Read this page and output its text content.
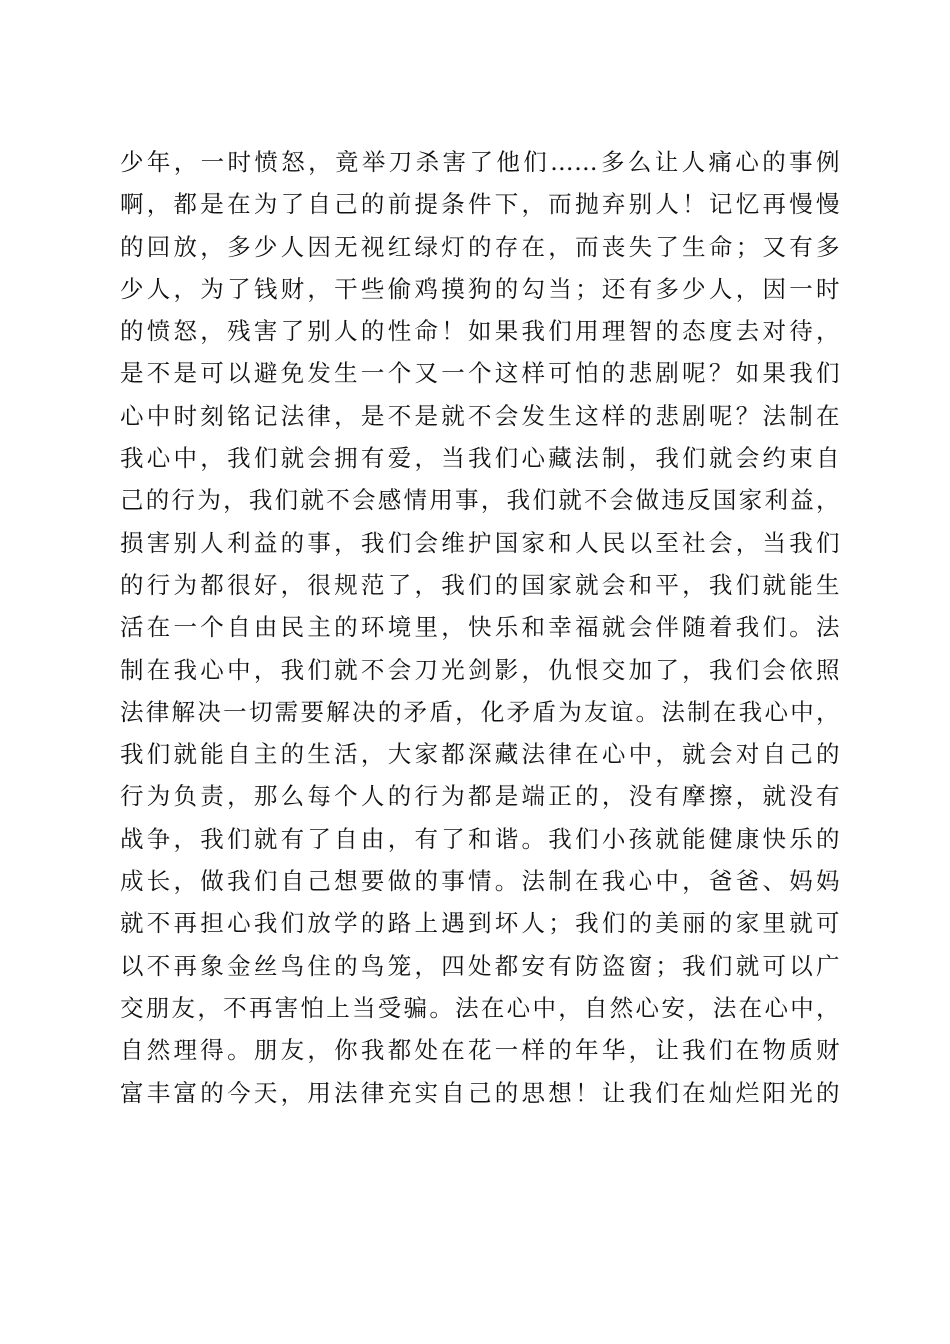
少年，一时愤怒，竟举刀杀害了他们……多么让人痛心的事例
啊，都是在为了自己的前提条件下，而抛弃别人！记忆再慢慢
的回放，多少人因无视红绿灯的存在，而丧失了生命；又有多
少人，为了钱财，干些偷鸡摸狗的勾当；还有多少人，因一时
的愤怒，残害了别人的性命！如果我们用理智的态度去对待，
是不是可以避免发生一个又一个这样可怕的悲剧呢？如果我们
心中时刻铭记法律，是不是就不会发生这样的悲剧呢？法制在
我心中，我们就会拥有爱，当我们心藏法制，我们就会约束自
己的行为，我们就不会感情用事，我们就不会做违反国家利益，
损害别人利益的事，我们会维护国家和人民以至社会，当我们
的行为都很好，很规范了，我们的国家就会和平，我们就能生
活在一个自由民主的环境里，快乐和幸福就会伴随着我们。法
制在我心中，我们就不会刀光剑影，仇恨交加了，我们会依照
法律解决一切需要解决的矛盾，化矛盾为友谊。法制在我心中，
我们就能自主的生活，大家都深藏法律在心中，就会对自己的
行为负责，那么每个人的行为都是端正的，没有摩擦，就没有
战争，我们就有了自由，有了和谐。我们小孩就能健康快乐的
成长，做我们自己想要做的事情。法制在我心中，爸爸、妈妈
就不再担心我们放学的路上遇到坏人；我们的美丽的家里就可
以不再象金丝鸟住的鸟笼，四处都安有防盗窗；我们就可以广
交朋友，不再害怕上当受骗。法在心中，自然心安，法在心中，
自然理得。朋友，你我都处在花一样的年华，让我们在物质财
富丰富的今天，用法律充实自己的思想！让我们在灿烂阳光的
